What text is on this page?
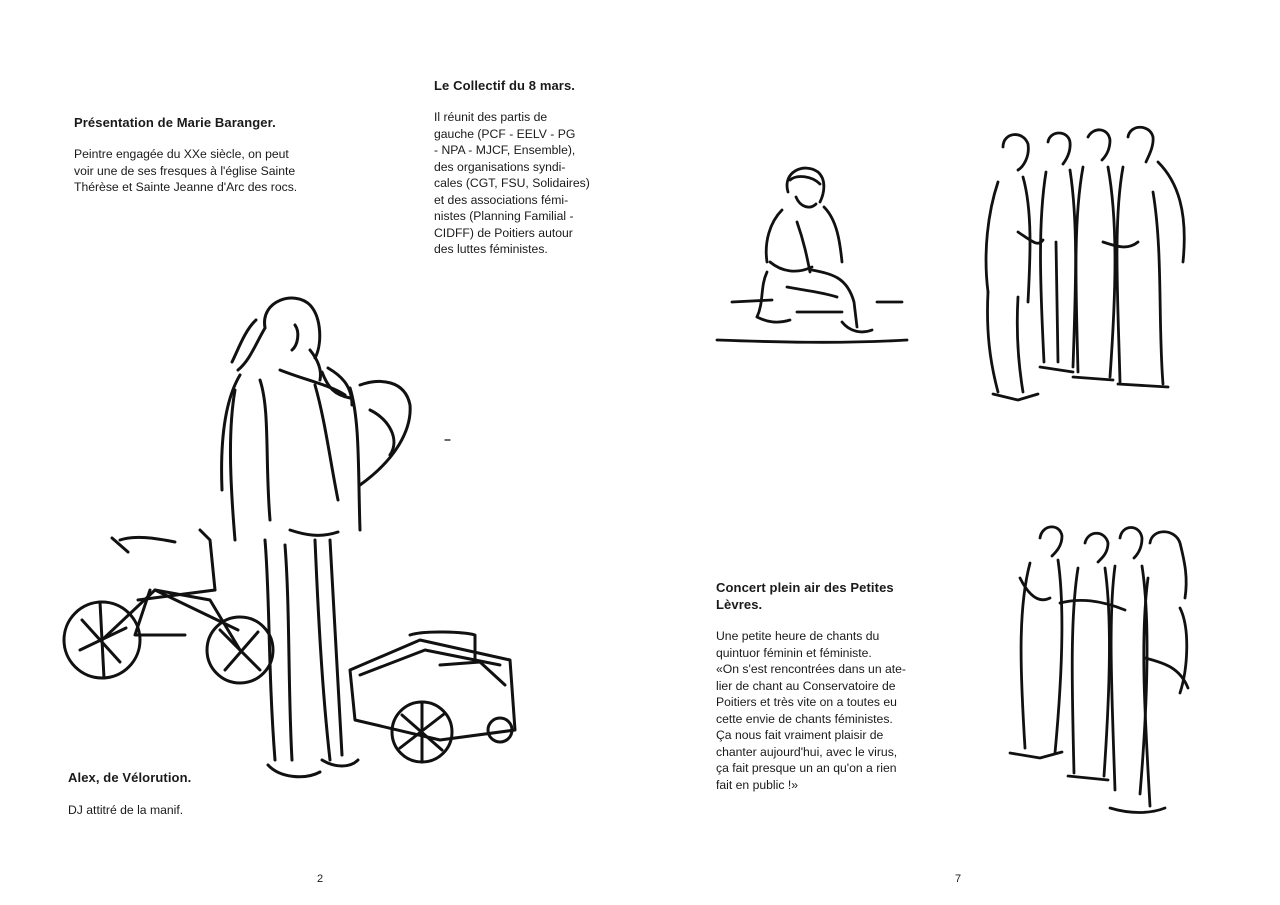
Présentation de Marie Baranger.

Peintre engagée du XXe siècle, on peut
voir une de ses fresques à l'église Sainte
Thérèse et Sainte Jeanne d'Arc des rocs.

Le Collectif du 8 mars.

Il réunit des partis de
gauche (PCF - EELV - PG
- NPA - MJCF, Ensemble),
des organisations syndi-
cales (CGT, FSU, Solidaires)
et des associations fémi-
nistes (Planning Familial -
CIDFF) de Poitiers autour
des luttes féministes.

Alex, de Vélorution.

DJ attitré de la manif.

2

Concert plein air des Petites
Lèvres.

Une petite heure de chants du
quintuor féminin et féministe.
«On s'est rencontrées dans un ate-
lier de chant au Conservatoire de
Poitiers et très vite on a toutes eu
cette envie de chants féministes.
Ça nous fait vraiment plaisir de
chanter aujourd'hui, avec le virus,
ça fait presque un an qu'on a rien
fait en public !»
7
